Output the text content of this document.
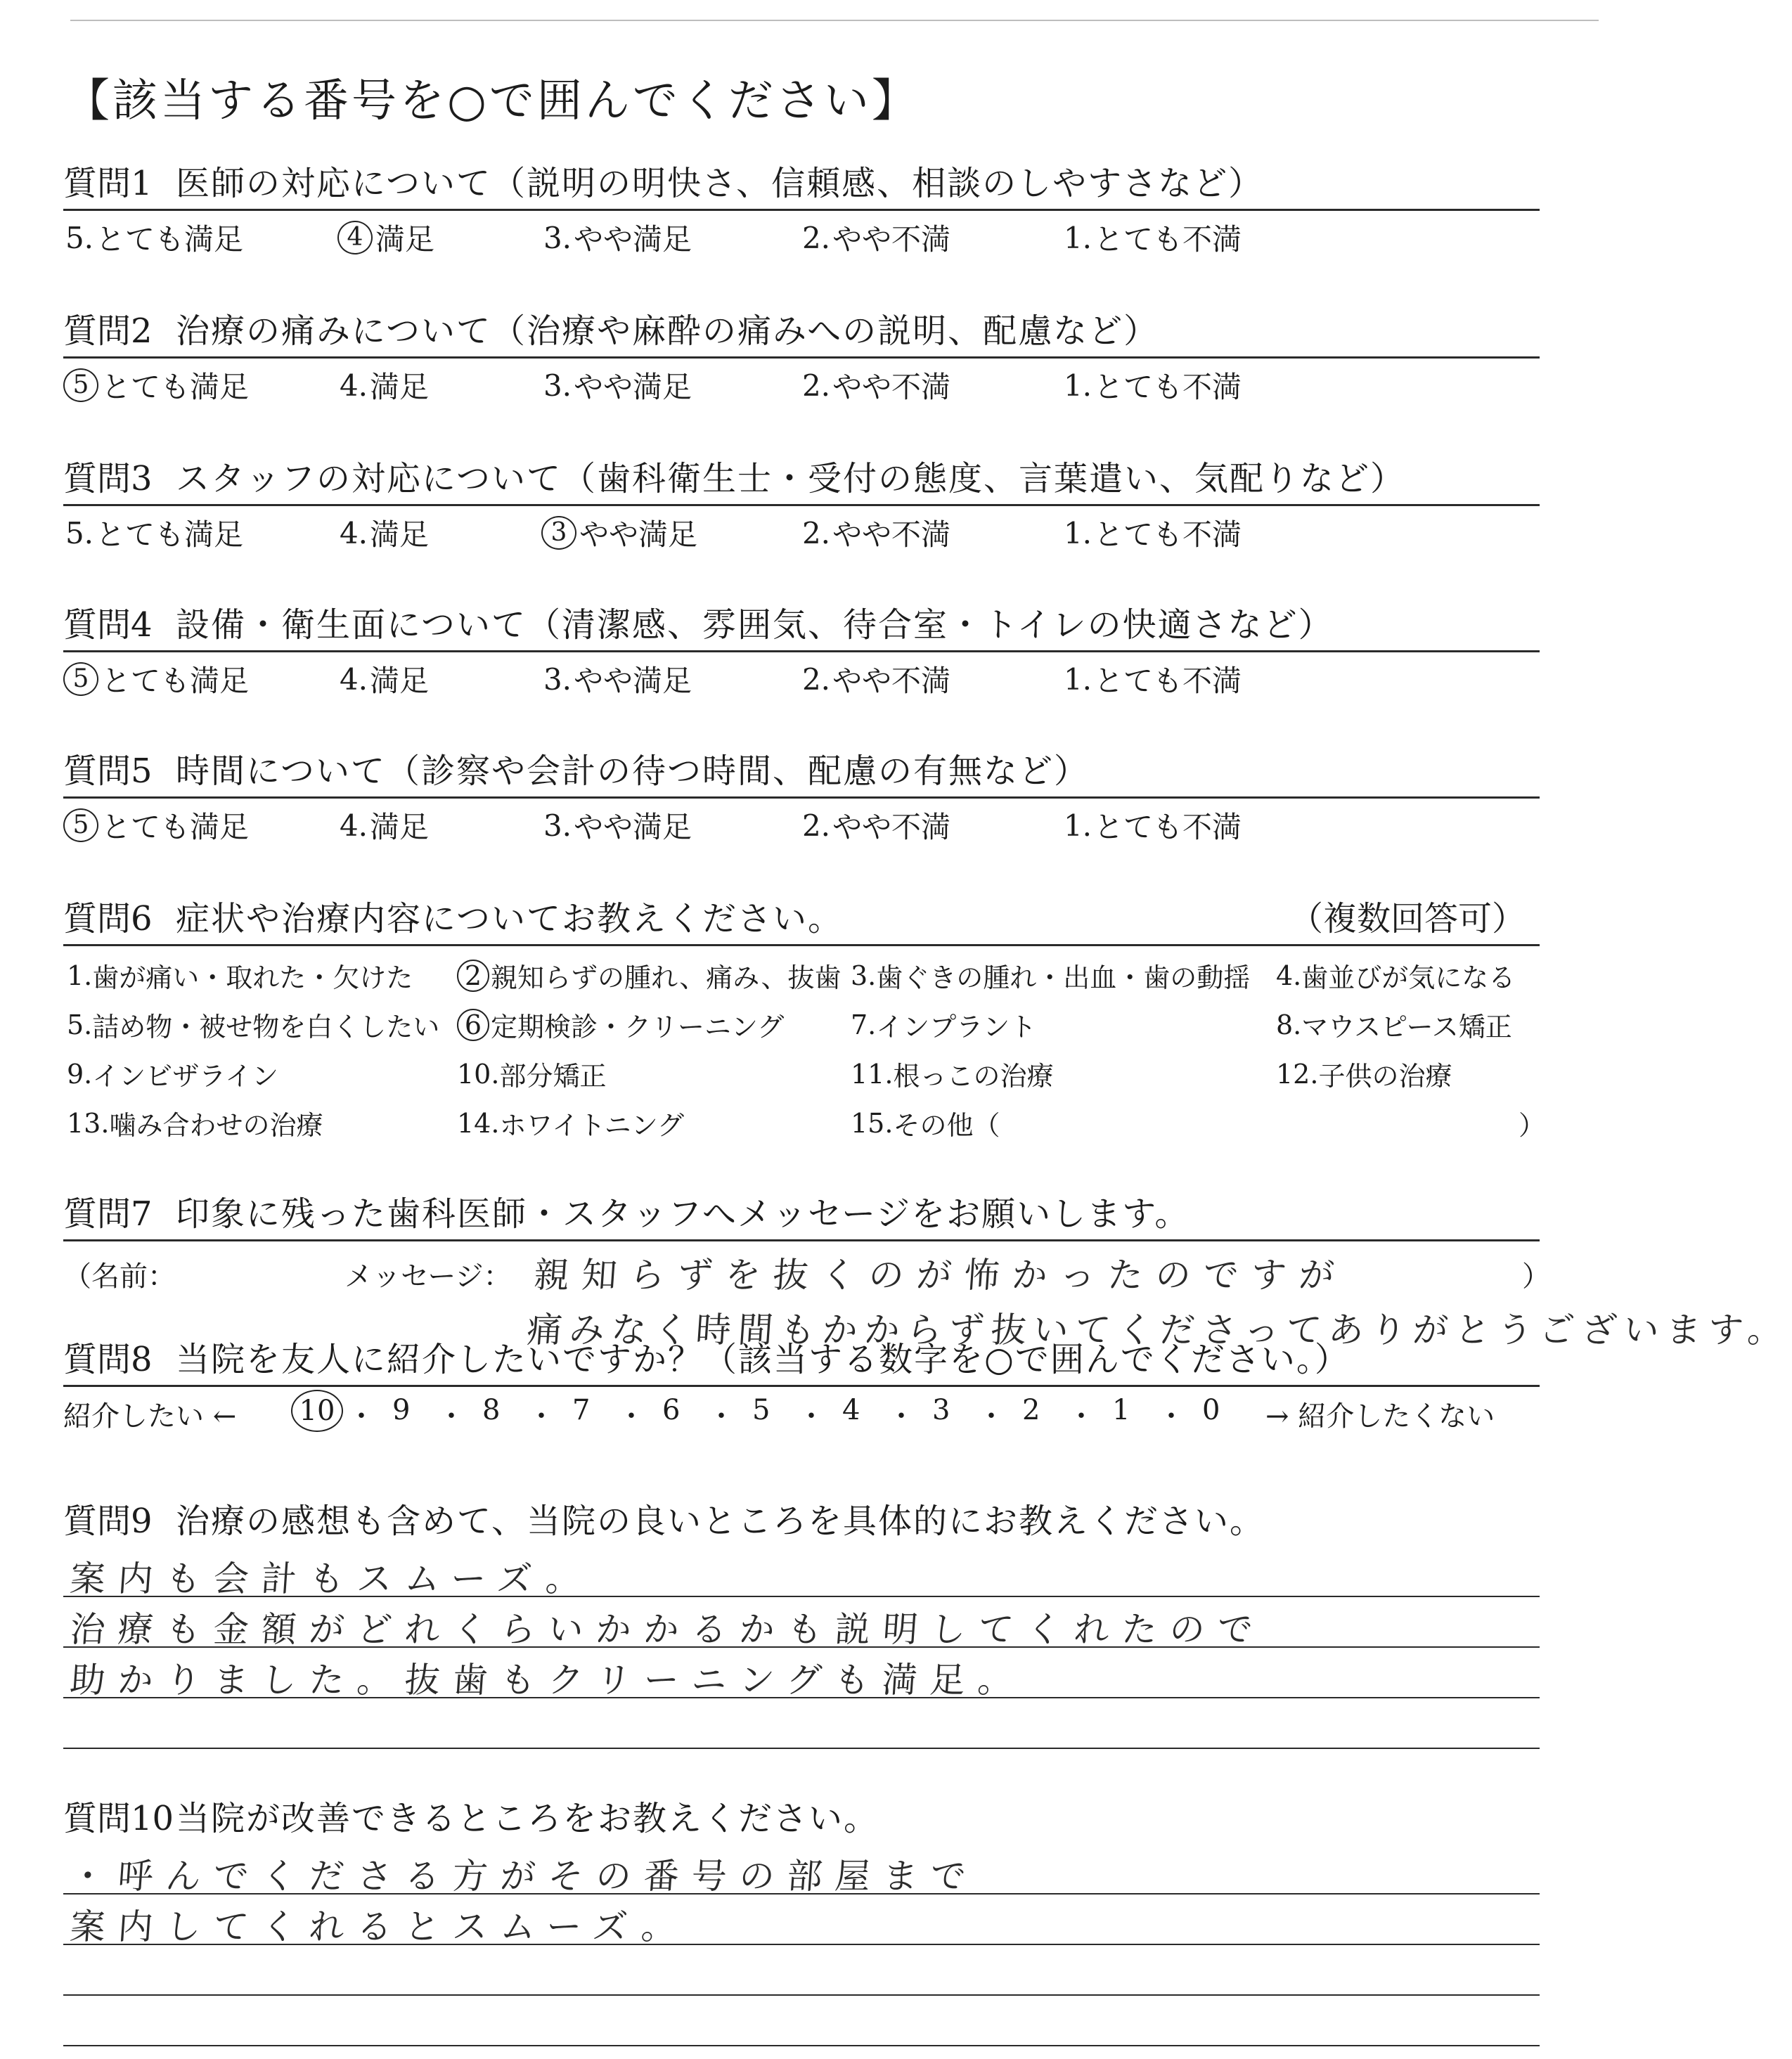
【該当する番号を○で囲んでください】
質問1 医師の対応について（説明の明快さ、信頼感、相談のしやすさなど）
5. とても満足	4 満足	3. やや満足	2. やや不満	1. とても不満
質問2 治療の痛みについて（治療や麻酔の痛みへの説明、配慮など）
5 とても満足	4. 満足	3. やや満足	2. やや不満	1. とても不満
質問3 スタッフの対応について（歯科衛生士・受付の態度、言葉遣い、気配りなど）
5. とても満足	4. 満足	3 やや満足	2. やや不満	1. とても不満
質問4 設備・衛生面について（清潔感、雰囲気、待合室・トイレの快適さなど）
5 とても満足	4. 満足	3. やや満足	2. やや不満	1. とても不満
質問5 時間について（診察や会計の待つ時間、配慮の有無など）
5 とても満足	4. 満足	3. やや満足	2. やや不満	1. とても不満
質問6 症状や治療内容についてお教えください。	（複数回答可）
1. 歯が痛い・取れた・欠けた 2 親知らずの腫れ、痛み、抜歯 3. 歯ぐきの腫れ・出血・歯の動揺 4. 歯並びが気になる
5. 詰め物・被せ物を白くしたい 6 定期検診・クリーニング 7. インプラント	8. マウスピース矯正
9. インビザライン	10. 部分矯正	11. 根っこの治療	12. 子供の治療
13. 噛み合わせの治療	14. ホワイトニング	15. その他（	）
質問7 印象に残った歯科医師・スタッフへメッセージをお願いします。
（名前：	メッセージ： 親知らずを抜くのが怖かったのですが	）
痛みなく時間もかからず抜いてくださってありがとうございます。
質問8 当院を友人に紹介したいですか？（該当する数字を○で囲んでください。）
紹介したい ←	→ 紹介したくない
10 ・ 9 ・ 8 ・ 7 ・ 6 ・ 5 ・ 4 ・ 3 ・ 2 ・ 1 ・ 0
質問9 治療の感想も含めて、当院の良いところを具体的にお教えください。
案内も会計もスムーズ。
治療も金額がどれくらいかかるかも説明してくれたので
助かりました。抜歯もクリーニングも満足。
質問10 当院が改善できるところをお教えください。
・呼んでくださる方がその番号の部屋まで
案内してくれるとスムーズ。
